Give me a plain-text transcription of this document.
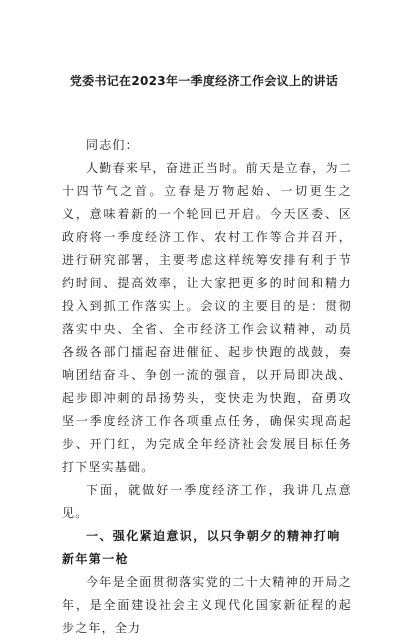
党委书记在2023年一季度经济工作会议上的讲话

同志们：

人勤春来早，奋进正当时。前天是立春，为二十四节气之首。立春是万物起始、一切更生之义，意味着新的一个轮回已开启。今天区委、区政府将一季度经济工作、农村工作等合并召开，进行研究部署，主要考虑这样统筹安排有利于节约时间、提高效率，让大家把更多的时间和精力投入到抓工作落实上。会议的主要目的是：贯彻落实中央、全省、全市经济工作会议精神，动员各级各部门擂起奋进催征、起步快跑的战鼓，奏响团结奋斗、争创一流的强音，以开局即决战、起步即冲刺的昂扬势头，变快走为快跑，奋勇攻坚一季度经济工作各项重点任务，确保实现高起步、开门红，为完成全年经济社会发展目标任务打下坚实基础。

下面，就做好一季度经济工作，我讲几点意见。

一、强化紧迫意识，以只争朝夕的精神打响新年第一枪

今年是全面贯彻落实党的二十大精神的开局之年，是全面建设社会主义现代化国家新征程的起步之年，全力
